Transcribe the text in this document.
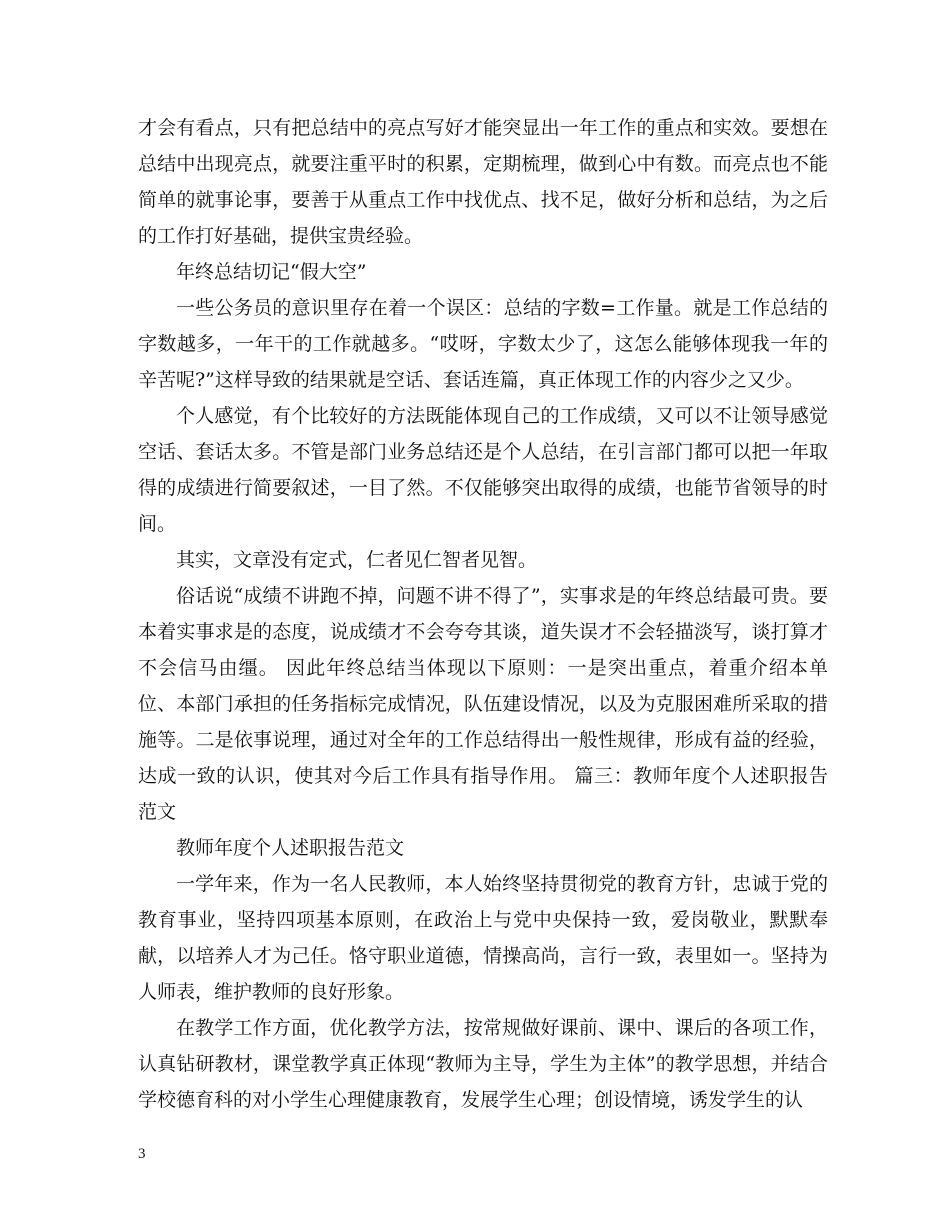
才会有看点，只有把总结中的亮点写好才能突显出一年工作的重点和实效。要想在总结中出现亮点，就要注重平时的积累，定期梳理，做到心中有数。而亮点也不能简单的就事论事，要善于从重点工作中找优点、找不足，做好分析和总结，为之后的工作打好基础，提供宝贵经验。

年终总结切记“假大空”

一些公务员的意识里存在着一个误区：总结的字数=工作量。就是工作总结的字数越多，一年干的工作就越多。“哎呀，字数太少了，这怎么能够体现我一年的辛苦呢?”这样导致的结果就是空话、套话连篇，真正体现工作的内容少之又少。

个人感觉，有个比较好的方法既能体现自己的工作成绩，又可以不让领导感觉空话、套话太多。不管是部门业务总结还是个人总结，在引言部门都可以把一年取得的成绩进行简要叙述，一目了然。不仅能够突出取得的成绩，也能节省领导的时间。

其实，文章没有定式，仁者见仁智者见智。

俗话说“成绩不讲跑不掉，问题不讲不得了”，实事求是的年终总结最可贵。要本着实事求是的态度，说成绩才不会夸夸其谈，道失误才不会轻描淡写，谈打算才不会信马由缰。 因此年终总结当体现以下原则：一是突出重点，着重介绍本单位、本部门承担的任务指标完成情况，队伍建设情况，以及为克服困难所采取的措施等。二是依事说理，通过对全年的工作总结得出一般性规律，形成有益的经验，达成一致的认识，使其对今后工作具有指导作用。 篇三：教师年度个人述职报告范文

教师年度个人述职报告范文

一学年来，作为一名人民教师，本人始终坚持贯彻党的教育方针，忠诚于党的教育事业，坚持四项基本原则，在政治上与党中央保持一致，爱岗敬业，默默奉献，以培养人才为己任。恪守职业道德，情操高尚，言行一致，表里如一。坚持为人师表，维护教师的良好形象。

在教学工作方面，优化教学方法，按常规做好课前、课中、课后的各项工作，认真钻研教材，课堂教学真正体现“教师为主导，学生为主体”的教学思想，并结合学校德育科的对小学生心理健康教育，发展学生心理；创设情境，诱发学生的认

3
